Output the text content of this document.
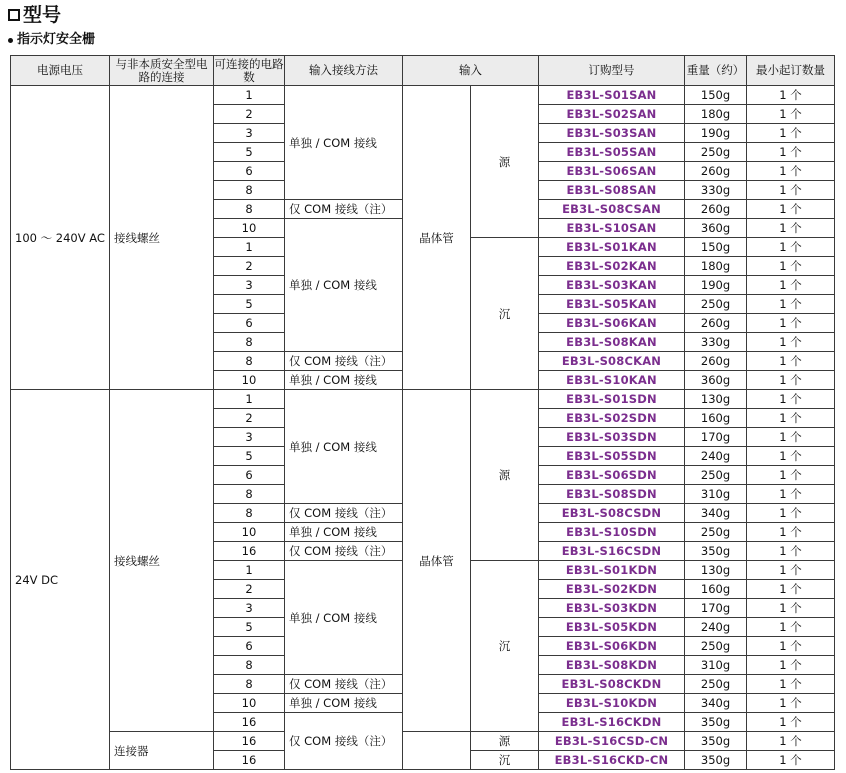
型号
指示灯安全栅
电源电压	与非本质安全型电路的连接	可连接的电路数	输入接线方法	输入		订购型号	重量（约）	最小起订数量
100 ～ 240V AC	接线螺丝	1	单独 / COM 接线	晶体管	源	EB3L-S01SAN	150g	1 个
		2				EB3L-S02SAN	180g	1 个
		3				EB3L-S03SAN	190g	1 个
		5				EB3L-S05SAN	250g	1 个
		6				EB3L-S06SAN	260g	1 个
		8				EB3L-S08SAN	330g	1 个
		8	仅 COM 接线（注）			EB3L-S08CSAN	260g	1 个
		10	单独 / COM 接线			EB3L-S10SAN	360g	1 个
		1			沉	EB3L-S01KAN	150g	1 个
		2				EB3L-S02KAN	180g	1 个
		3				EB3L-S03KAN	190g	1 个
		5				EB3L-S05KAN	250g	1 个
		6				EB3L-S06KAN	260g	1 个
		8				EB3L-S08KAN	330g	1 个
		8	仅 COM 接线（注）			EB3L-S08CKAN	260g	1 个
		10	单独 / COM 接线			EB3L-S10KAN	360g	1 个
24V DC	接线螺丝	1	单独 / COM 接线	晶体管	源	EB3L-S01SDN	130g	1 个
		2				EB3L-S02SDN	160g	1 个
		3				EB3L-S03SDN	170g	1 个
		5				EB3L-S05SDN	240g	1 个
		6				EB3L-S06SDN	250g	1 个
		8				EB3L-S08SDN	310g	1 个
		8	仅 COM 接线（注）			EB3L-S08CSDN	340g	1 个
		10	单独 / COM 接线			EB3L-S10SDN	250g	1 个
		16	仅 COM 接线（注）			EB3L-S16CSDN	350g	1 个
		1	单独 / COM 接线		沉	EB3L-S01KDN	130g	1 个
		2				EB3L-S02KDN	160g	1 个
		3				EB3L-S03KDN	170g	1 个
		5				EB3L-S05KDN	240g	1 个
		6				EB3L-S06KDN	250g	1 个
		8				EB3L-S08KDN	310g	1 个
		8	仅 COM 接线（注）			EB3L-S08CKDN	250g	1 个
		10	单独 / COM 接线			EB3L-S10KDN	340g	1 个
		16	仅 COM 接线（注）			EB3L-S16CKDN	350g	1 个
	连接器	16			源	EB3L-S16CSD-CN	350g	1 个
		16			沉	EB3L-S16CKD-CN	350g	1 个
